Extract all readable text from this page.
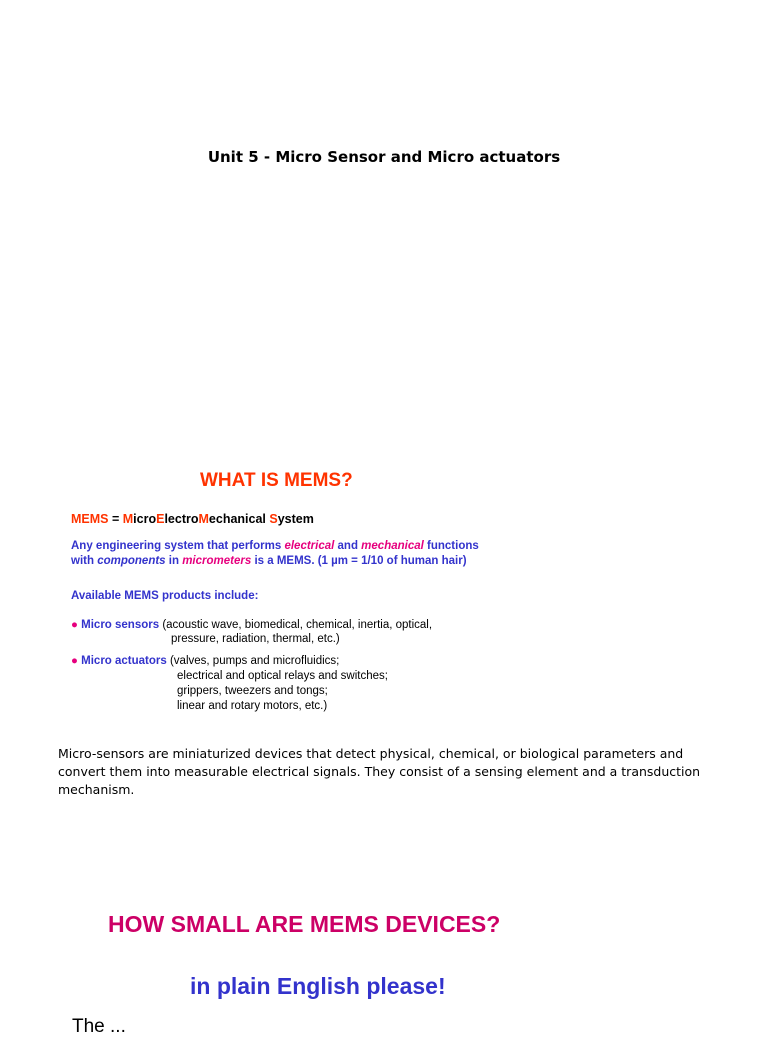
Unit 5 - Micro Sensor and Micro actuators
WHAT IS MEMS?
MEMS = MicroElectroMechanical System
Any engineering system that performs electrical and mechanical functions
with components in micrometers is a MEMS. (1 µm = 1/10 of human hair)
Available MEMS products include:
● Micro sensors (acoustic wave, biomedical, chemical, inertia, optical,
pressure, radiation, thermal, etc.)
● Micro actuators (valves, pumps and microfluidics;
electrical and optical relays and switches;
grippers, tweezers and tongs;
linear and rotary motors, etc.)
Micro-sensors are miniaturized devices that detect physical, chemical, or biological parameters and convert them into measurable electrical signals. They consist of a sensing element and a transduction mechanism.
HOW SMALL ARE MEMS DEVICES?
in plain English please!
The ...
